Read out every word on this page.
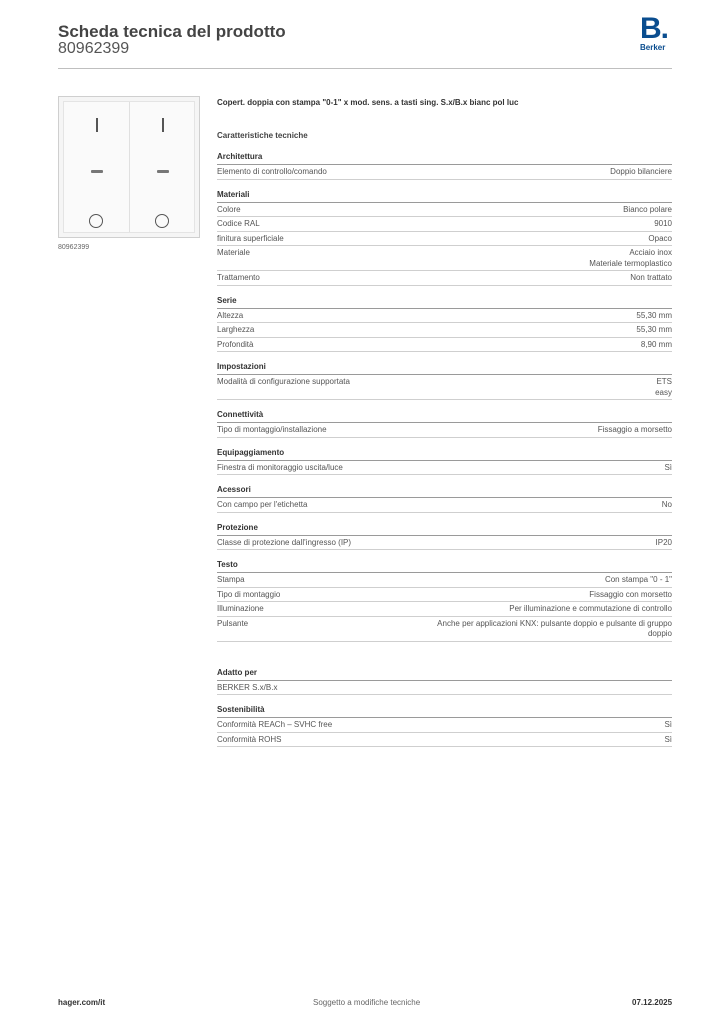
Scheda tecnica del prodotto
80962399
B.
Berker
80962399
Copert. doppia con stampa "0-1" x mod. sens. a tasti sing. S.x/B.x bianc pol luc
Caratteristiche tecniche
Architettura
Elemento di controllo/comando	Doppio bilanciere
Materiali
Colore	Bianco polare
Codice RAL	9010
finitura superficiale	Opaco
Materiale	Acciaio inox
Materiale termoplastico
Trattamento	Non trattato
Serie
Altezza	55,30 mm
Larghezza	55,30 mm
Profondità	8,90 mm
Impostazioni
Modalità di configurazione supportata	ETS
easy
Connettività
Tipo di montaggio/installazione	Fissaggio a morsetto
Equipaggiamento
Finestra di monitoraggio uscita/luce	Sì
Acessori
Con campo per l'etichetta	No
Protezione
Classe di protezione dall'ingresso (IP)	IP20
Testo
Stampa	Con stampa "0 - 1"
Tipo di montaggio	Fissaggio con morsetto
Illuminazione	Per illuminazione e commutazione di controllo
Pulsante	Anche per applicazioni KNX: pulsante doppio e pulsante di gruppo
doppio
Adatto per
BERKER S.x/B.x
Sostenibilità
Conformità REACh – SVHC free	Sì
Conformità ROHS	Sì
hager.com/it	Soggetto a modifiche tecniche	07.12.2025
